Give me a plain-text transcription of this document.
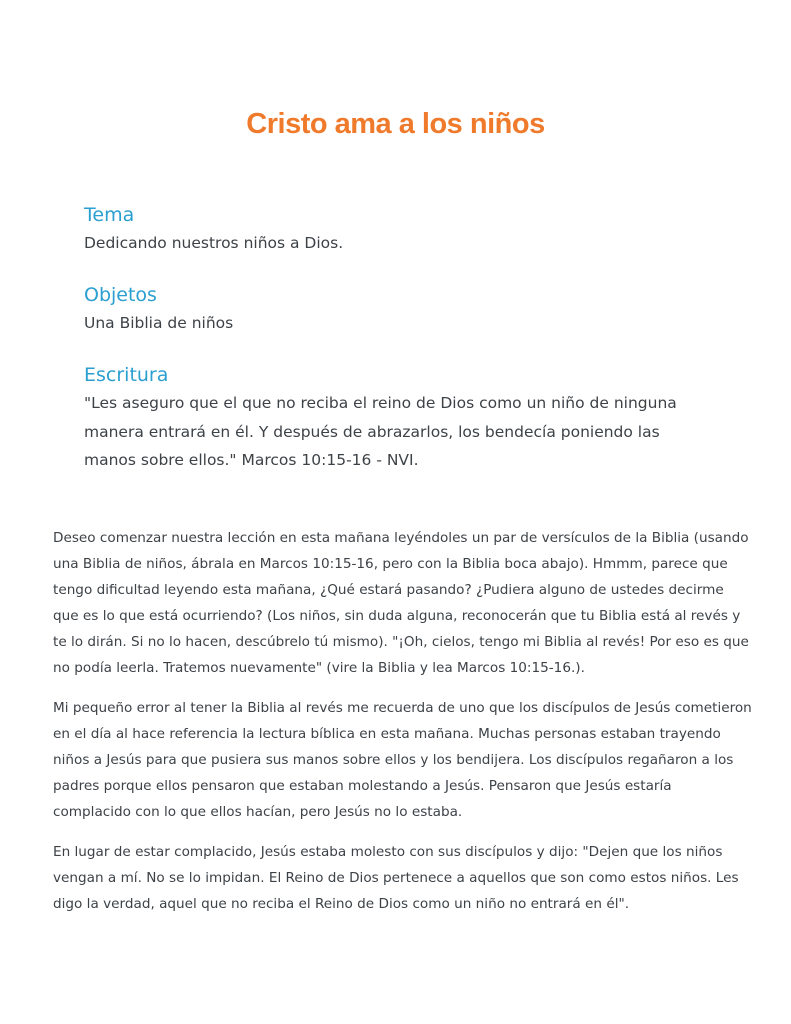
Cristo ama a los niños
Tema

Dedicando nuestros niños a Dios.

Objetos

Una Biblia de niños

Escritura

"Les aseguro que el que no reciba el reino de Dios como un niño de ninguna manera entrará en él. Y después de abrazarlos, los bendecía poniendo las manos sobre ellos." Marcos 10:15-16 - NVI.

Deseo comenzar nuestra lección en esta mañana leyéndoles un par de versículos de la Biblia (usando una Biblia de niños, ábrala en Marcos 10:15-16, pero con la Biblia boca abajo). Hmmm, parece que tengo dificultad leyendo esta mañana, ¿Qué estará pasando? ¿Pudiera alguno de ustedes decirme que es lo que está ocurriendo? (Los niños, sin duda alguna, reconocerán que tu Biblia está al revés y te lo dirán. Si no lo hacen, descúbrelo tú mismo). "¡Oh, cielos, tengo mi Biblia al revés! Por eso es que no podía leerla. Tratemos nuevamente" (vire la Biblia y lea Marcos 10:15-16.).

Mi pequeño error al tener la Biblia al revés me recuerda de uno que los discípulos de Jesús cometieron en el día al hace referencia la lectura bíblica en esta mañana. Muchas personas estaban trayendo niños a Jesús para que pusiera sus manos sobre ellos y los bendijera. Los discípulos regañaron a los padres porque ellos pensaron que estaban molestando a Jesús. Pensaron que Jesús estaría complacido con lo que ellos hacían, pero Jesús no lo estaba.

En lugar de estar complacido, Jesús estaba molesto con sus discípulos y dijo: "Dejen que los niños vengan a mí. No se lo impidan. El Reino de Dios pertenece a aquellos que son como estos niños. Les digo la verdad, aquel que no reciba el Reino de Dios como un niño no entrará en él".
